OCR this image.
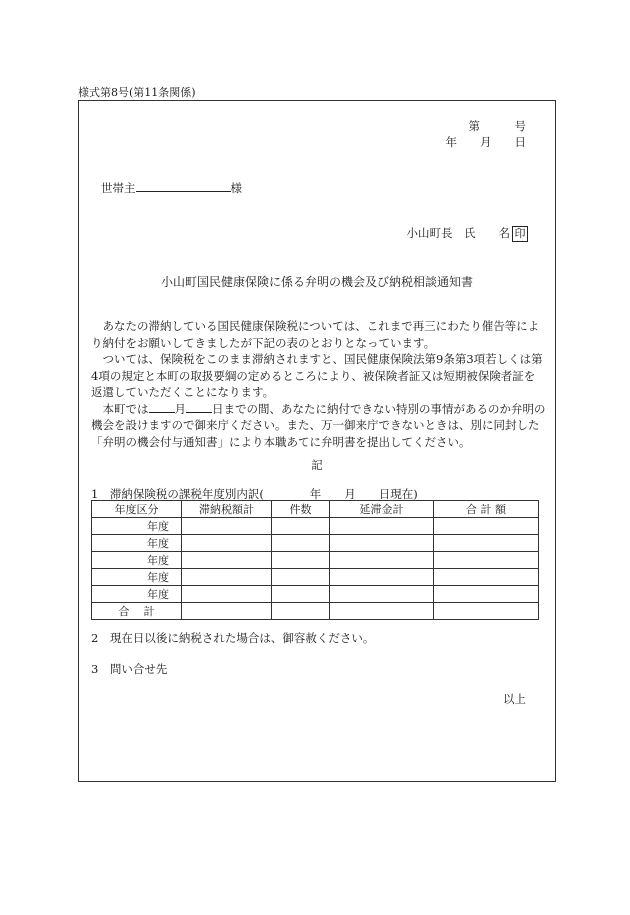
様式第8号(第11条関係)
第　　　号
年　　月　　日
世帯主	様
小山町長　氏　　名 印
小山町国民健康保険に係る弁明の機会及び納税相談通知書

あなたの滞納している国民健康保険税については、これまで再三にわたり催告等により納付をお願いしてきましたが下記の表のとおりとなっています。

ついては、保険税をこのまま滞納されますと、国民健康保険法第9条第3項若しくは第4項の規定と本町の取扱要綱の定めるところにより、被保険者証又は短期被保険者証を返還していただくことになります。

本町では 月 日までの間、あなたに納付できない特別の事情があるのか弁明の機会を設けますので御来庁ください。また、万一御来庁できないときは、別に同封した「弁明の機会付与通知書」により本職あてに弁明書を提出してください。

記
1　滞納保険税の課税年度別内訳(　　　　年　　月　　日現在)
年度区分	滞納税額計	件数	延滞金計	合 計 額
年度				
年度				
年度				
年度				
年度				
合計				
2　現在日以後に納税された場合は、御容赦ください。
3　問い合せ先
以上
